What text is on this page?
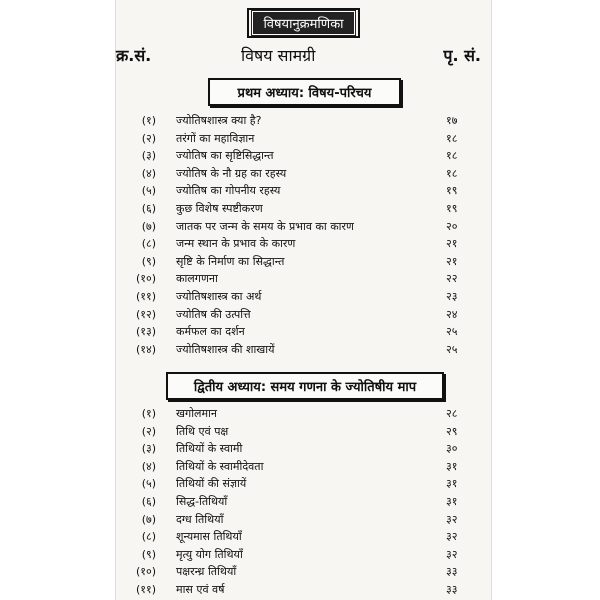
विषयानुक्रमणिका
क्र.सं.	विषय सामग्री	पृ. सं.
प्रथम अध्याय: विषय-परिचय
(१) ज्योतिषशास्त्र क्या है?	१७
(२) तरंगों का महाविज्ञान	१८
(३) ज्योतिष का सृष्टिसिद्धान्त	१८
(४) ज्योतिष के नौ ग्रह का रहस्य	१८
(५) ज्योतिष का गोपनीय रहस्य	१९
(६) कुछ विशेष स्पष्टीकरण	१९
(७) जातक पर जन्म के समय के प्रभाव का कारण	२०
(८) जन्म स्थान के प्रभाव के कारण	२१
(९) सृष्टि के निर्माण का सिद्धान्त	२१
(१०) कालगणना	२२
(११) ज्योतिषशास्त्र का अर्थ	२३
(१२) ज्योतिष की उत्पत्ति	२४
(१३) कर्मफल का दर्शन	२५
(१४) ज्योतिषशास्त्र की शाखायें	२५
द्वितीय अध्याय: समय गणना के ज्योतिषीय माप
(१) खगोलमान	२८
(२) तिथि एवं पक्ष	२९
(३) तिथियों के स्वामी	३०
(४) तिथियों के स्वामीदेवता	३१
(५) तिथियों की संज्ञायें	३१
(६) सिद्ध-तिथियाँ	३१
(७) दग्ध तिथियाँ	३२
(८) शून्यमास तिथियाँ	३२
(९) मृत्यु योग तिथियाँ	३२
(१०) पक्षरन्ध्र तिथियाँ	३३
(११) मास एवं वर्ष	३३
